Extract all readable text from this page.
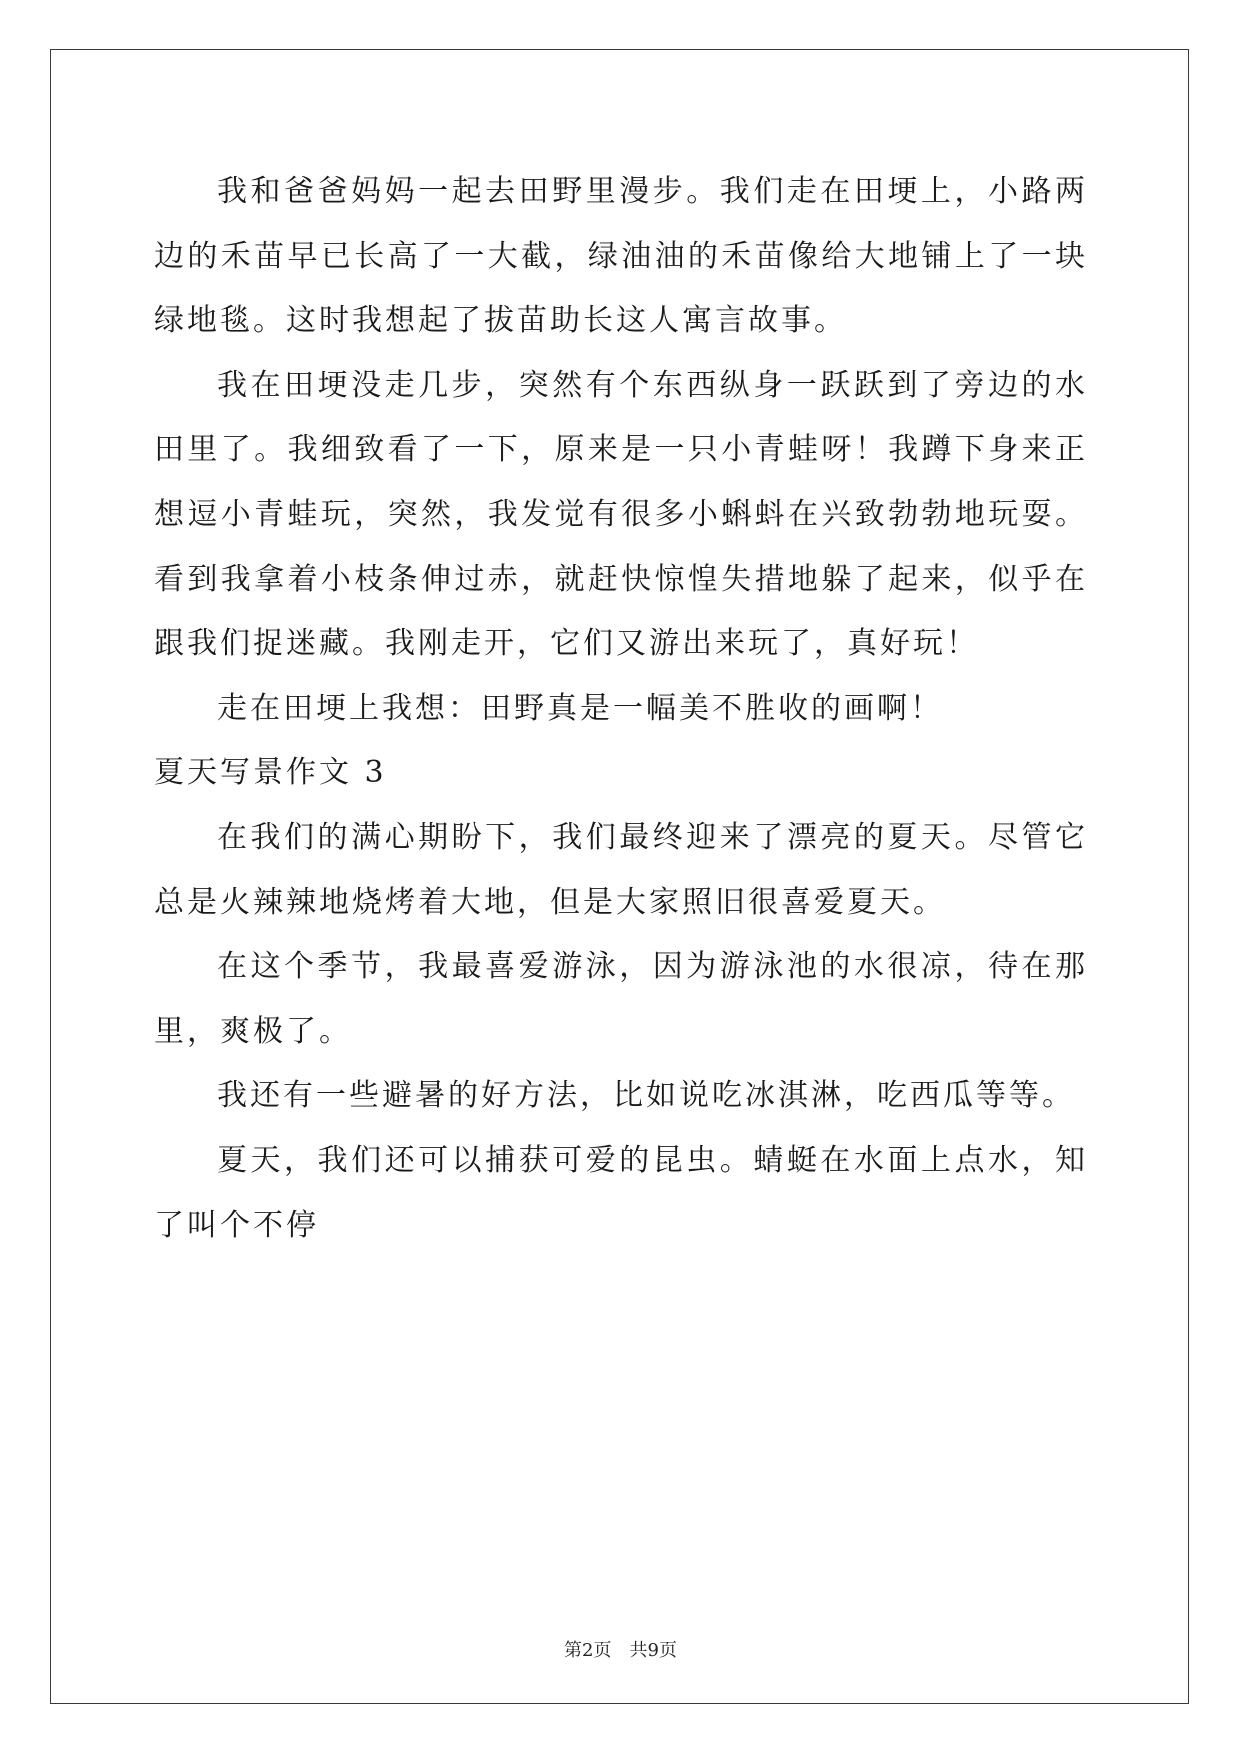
我和爸爸妈妈一起去田野里漫步。我们走在田埂上，小路两边的禾苗早已长高了一大截，绿油油的禾苗像给大地铺上了一块绿地毯。这时我想起了拔苗助长这人寓言故事。

我在田埂没走几步，突然有个东西纵身一跃跃到了旁边的水田里了。我细致看了一下，原来是一只小青蛙呀！我蹲下身来正想逗小青蛙玩，突然，我发觉有很多小蝌蚪在兴致勃勃地玩耍。看到我拿着小枝条伸过赤，就赶快惊惶失措地躲了起来，似乎在跟我们捉迷藏。我刚走开，它们又游出来玩了，真好玩！

走在田埂上我想：田野真是一幅美不胜收的画啊！

夏天写景作文 3

在我们的满心期盼下，我们最终迎来了漂亮的夏天。尽管它总是火辣辣地烧烤着大地，但是大家照旧很喜爱夏天。

在这个季节，我最喜爱游泳，因为游泳池的水很凉，待在那里，爽极了。

我还有一些避暑的好方法，比如说吃冰淇淋，吃西瓜等等。

夏天，我们还可以捕获可爱的昆虫。蜻蜓在水面上点水，知了叫个不停

第2页 共9页
